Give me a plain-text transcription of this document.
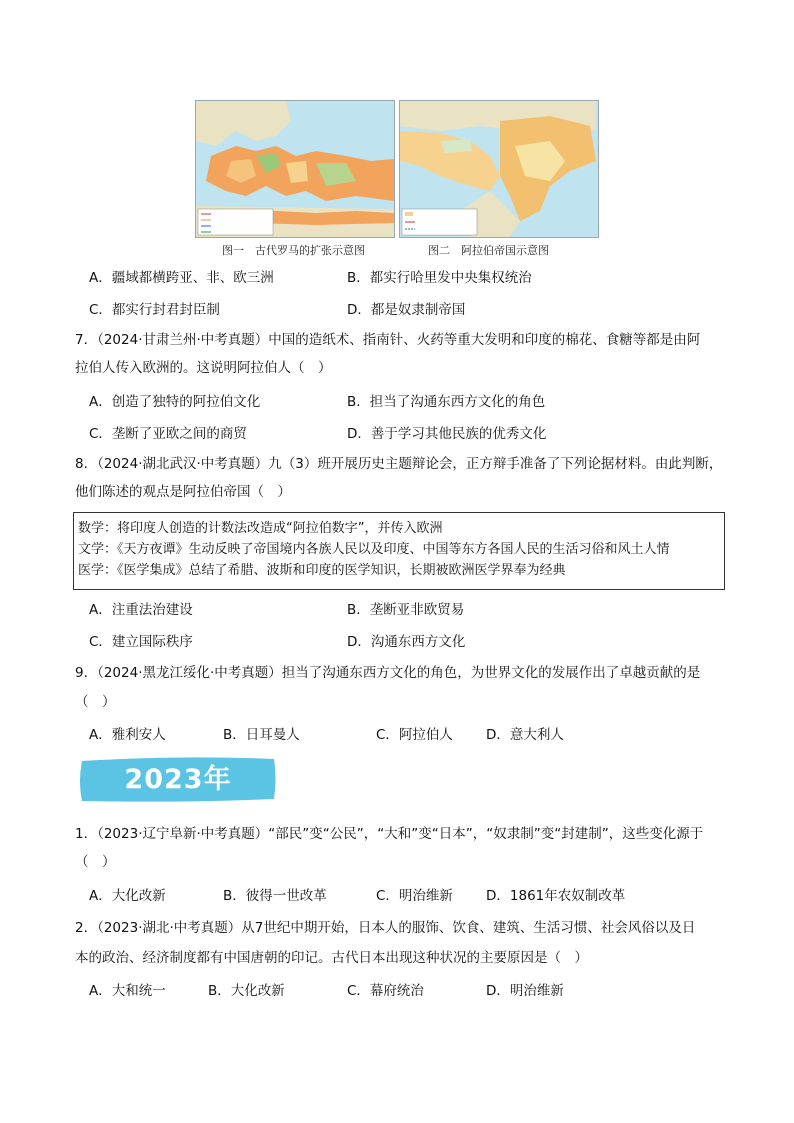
图一　古代罗马的扩张示意图	图二　阿拉伯帝国示意图
A．疆域都横跨亚、非、欧三洲	B．都实行哈里发中央集权统治
C．都实行封君封臣制	D．都是奴隶制帝国
7．（2024·甘肃兰州·中考真题）中国的造纸术、指南针、火药等重大发明和印度的棉花、食糖等都是由阿
拉伯人传入欧洲的。这说明阿拉伯人（　）
A．创造了独特的阿拉伯文化	B．担当了沟通东西方文化的角色
C．垄断了亚欧之间的商贸	D．善于学习其他民族的优秀文化
8．（2024·湖北武汉·中考真题）九（3）班开展历史主题辩论会，正方辩手准备了下列论据材料。由此判断，
他们陈述的观点是阿拉伯帝国（　）
数学：将印度人创造的计数法改造成“阿拉伯数字”，并传入欧洲
文学：《天方夜谭》生动反映了帝国境内各族人民以及印度、中国等东方各国人民的生活习俗和风土人情
医学：《医学集成》总结了希腊、波斯和印度的医学知识，长期被欧洲医学界奉为经典
A．注重法治建设	B．垄断亚非欧贸易
C．建立国际秩序	D．沟通东西方文化
9．（2024·黑龙江绥化·中考真题）担当了沟通东西方文化的角色，为世界文化的发展作出了卓越贡献的是
（　）
A．雅利安人	B．日耳曼人	C．阿拉伯人 D．意大利人
2023年
1．（2023·辽宁阜新·中考真题）“部民”变“公民”，“大和”变“日本”，“奴隶制”变“封建制”，这些变化源于
（　）
A．大化改新	B．彼得一世改革	C．明治维新 D．1861年农奴制改革
2．（2023·湖北·中考真题）从7世纪中期开始，日本人的服饰、饮食、建筑、生活习惯、社会风俗以及日
本的政治、经济制度都有中国唐朝的印记。古代日本出现这种状况的主要原因是（　）
A．大和统一	B．大化改新	C．幕府统治	D．明治维新
